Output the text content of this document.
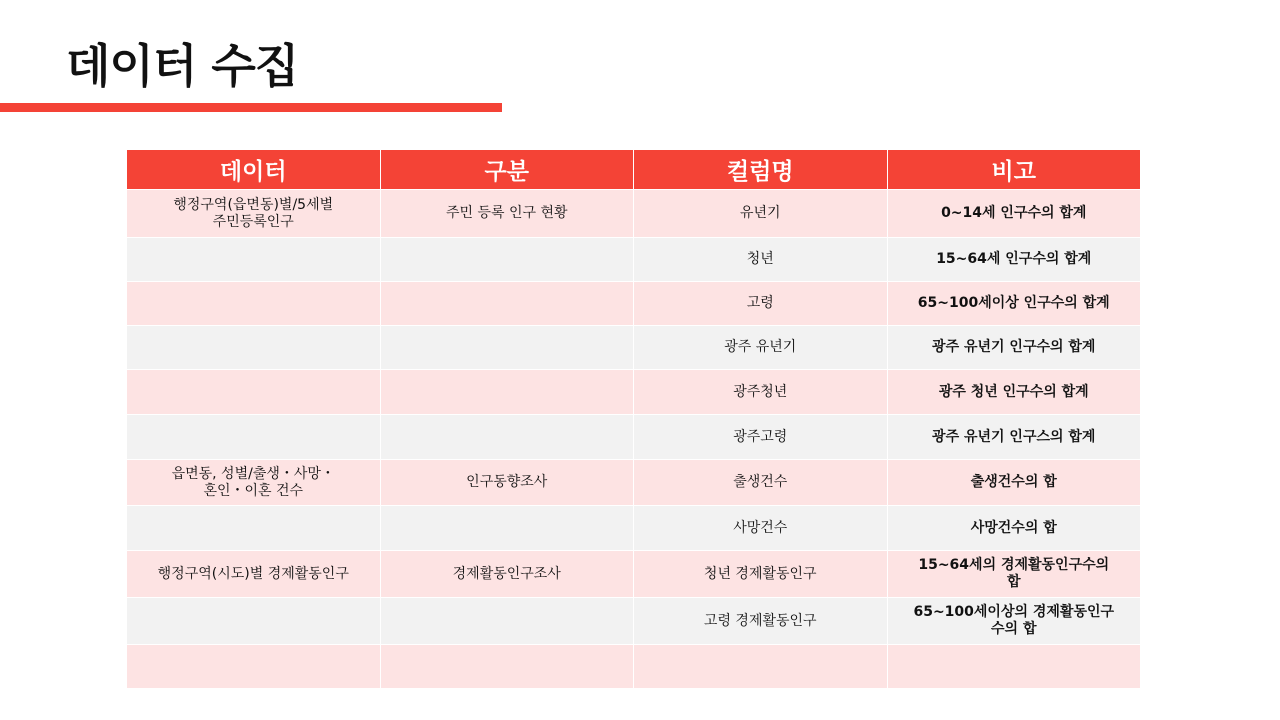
데이터 수집
데이터	구분	컬럼명	비고
행정구역(읍면동)별/5세별
주민등록인구	주민 등록 인구 현황	유년기	0~14세 인구수의 합계
		청년	15~64세 인구수의 합계
		고령	65~100세이상 인구수의 합계
		광주 유년기	광주 유년기 인구수의 합계
		광주청년	광주 청년 인구수의 합계
		광주고령	광주 유년기 인구스의 합계
읍면동, 성별/출생・사망・
혼인・이혼 건수	인구동향조사	출생건수	출생건수의 합
		사망건수	사망건수의 합
행정구역(시도)별 경제활동인구	경제활동인구조사	청년 경제활동인구	15~64세의 경제활동인구수의
합
		고령 경제활동인구	65~100세이상의 경제활동인구
수의 합
